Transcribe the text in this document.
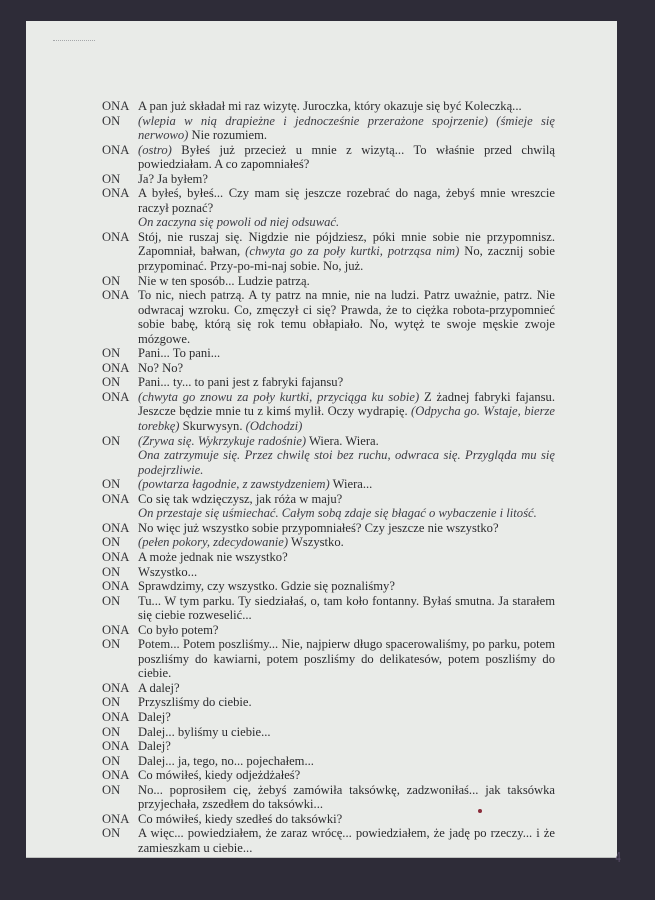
ONA A pan już składał mi raz wizytę. Juroczka, który okazuje się być Koleczką...
ON	(wlepia w nią drapieżne i jednocześnie przerażone spojrzenie) (śmieje się nerwowo) Nie rozumiem.
ONA (ostro) Byłeś już przecież u mnie z wizytą... To właśnie przed chwilą powiedziałam. A co zapomniałeś?
ON	Ja? Ja byłem?
ONA A byłeś, byłeś... Czy mam się jeszcze rozebrać do naga, żebyś mnie wreszcie raczył poznać?
On zaczyna się powoli od niej odsuwać.
ONA Stój, nie ruszaj się. Nigdzie nie pójdziesz, póki mnie sobie nie przypomnisz. Zapomniał, bałwan, (chwyta go za poły kurtki, potrząsa nim) No, zacznij sobie przypominać. Przy-po-mi-naj sobie. No, już.
ON	Nie w ten sposób... Ludzie patrzą.
ONA To nic, niech patrzą. A ty patrz na mnie, nie na ludzi. Patrz uważnie, patrz. Nie odwracaj wzroku. Co, zmęczył ci się? Prawda, że to ciężka robota-przypomnieć sobie babę, którą się rok temu obłapiało. No, wytęż te swoje męskie zwoje mózgowe.
ON	Pani... To pani...
ONA No? No?
ON	Pani... ty... to pani jest z fabryki fajansu?
ONA (chwyta go znowu za poły kurtki, przyciąga ku sobie) Z żadnej fabryki fajansu. Jeszcze będzie mnie tu z kimś mylił. Oczy wydrapię. (Odpycha go. Wstaje, bierze torebkę) Skurwysyn. (Odchodzi)
ON	(Zrywa się. Wykrzykuje radośnie) Wiera. Wiera.
Ona zatrzymuje się. Przez chwilę stoi bez ruchu, odwraca się. Przygląda mu się podejrzliwie.
ON	(powtarza łagodnie, z zawstydzeniem) Wiera...
ONA Co się tak wdzięczysz, jak róża w maju?
On przestaje się uśmiechać. Całym sobą zdaje się błagać o wybaczenie i litość.
ONA No więc już wszystko sobie przypomniałeś? Czy jeszcze nie wszystko?
ON	(pełen pokory, zdecydowanie) Wszystko.
ONA A może jednak nie wszystko?
ON	Wszystko...
ONA Sprawdzimy, czy wszystko. Gdzie się poznaliśmy?
ON	Tu... W tym parku. Ty siedziałaś, o, tam koło fontanny. Byłaś smutna. Ja starałem się ciebie rozweselić...
ONA Co było potem?
ON	Potem... Potem poszliśmy... Nie, najpierw długo spacerowaliśmy, po parku, potem poszliśmy do kawiarni, potem poszliśmy do delikatesów, potem poszliśmy do ciebie.
ONA A dalej?
ON	Przyszliśmy do ciebie.
ONA Dalej?
ON	Dalej... byliśmy u ciebie...
ONA Dalej?
ON	Dalej... ja, tego, no... pojechałem...
ONA Co mówiłeś, kiedy odjeżdżałeś?
ON	No... poprosiłem cię, żebyś zamówiła taksówkę, zadzwoniłaś... jak taksówka przyjechała, zszedłem do taksówki...
ONA Co mówiłeś, kiedy szedłeś do taksówki?
ON	A więc... powiedziałem, że zaraz wrócę... powiedziałem, że jadę po rzeczy... i że zamieszkam u ciebie...
4
